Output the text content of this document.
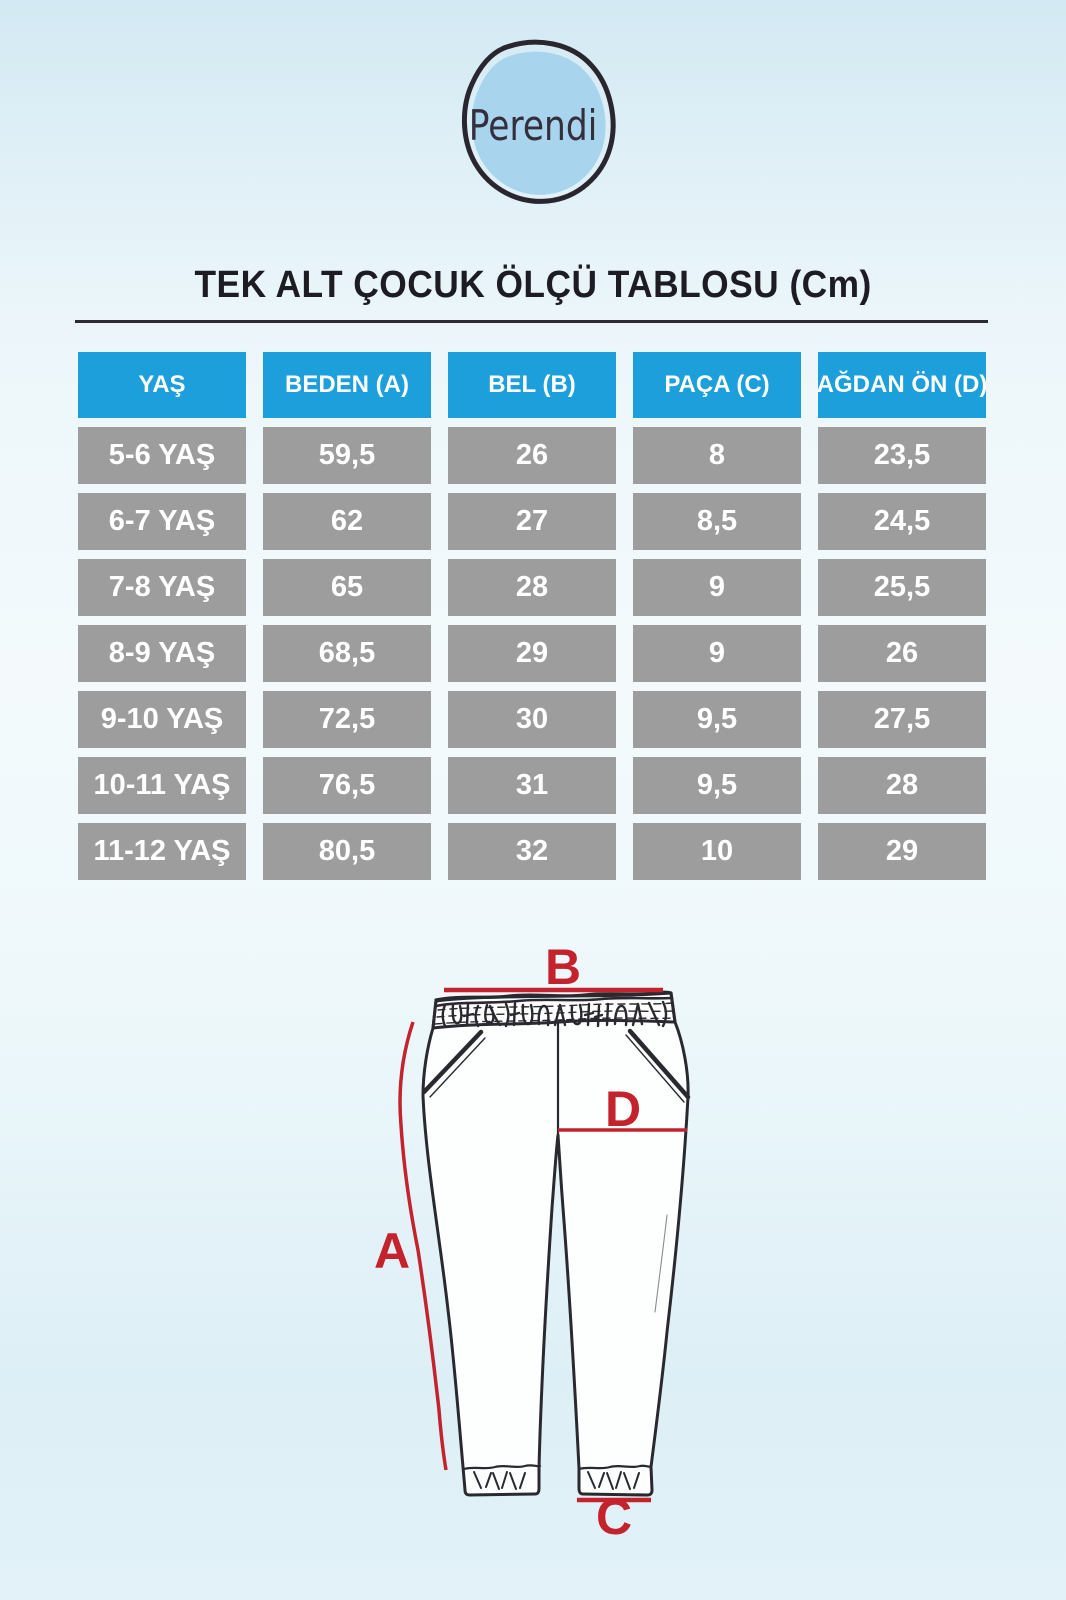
Perendi
TEK ALT ÇOCUK ÖLÇÜ TABLOSU (Cm)
YAŞ	BEDEN (A)	BEL (B)	PAÇA (C)	AĞDAN ÖN (D)
5-6 YAŞ	59,5	26	8	23,5
6-7 YAŞ	62	27	8,5	24,5
7-8 YAŞ	65	28	9	25,5
8-9 YAŞ	68,5	29	9	26
9-10 YAŞ	72,5	30	9,5	27,5
10-11 YAŞ	76,5	31	9,5	28
11-12 YAŞ	80,5	32	10	29
B
A
D
C
